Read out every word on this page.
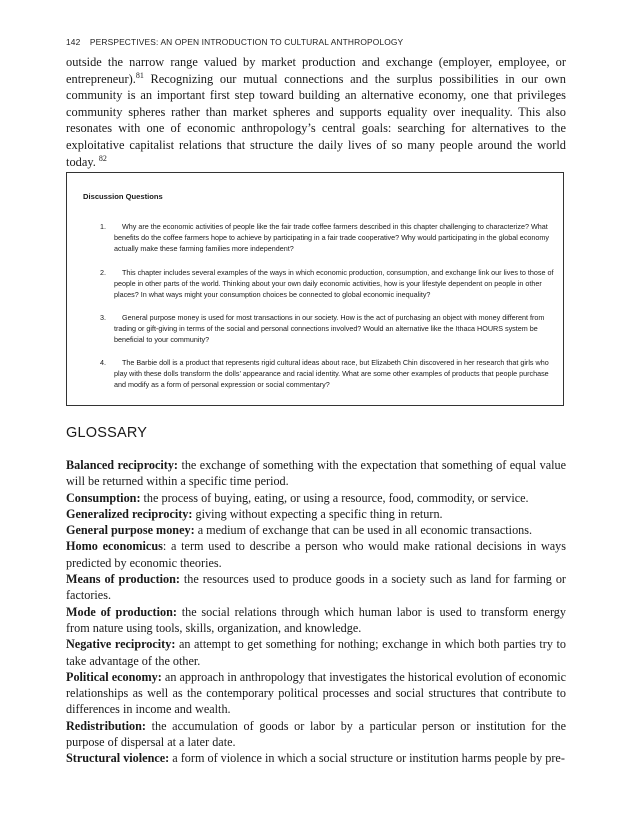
142 PERSPECTIVES: AN OPEN INTRODUCTION TO CULTURAL ANTHROPOLOGY

outside the narrow range valued by market production and exchange (employer, employee, or entrepreneur).$^{81}$ Recognizing our mutual connections and the surplus possibilities in our own community is an important first step toward building an alternative economy, one that privileges community spheres rather than market spheres and supports equality over inequality. This also resonates with one of economic anthropology’s central goals: searching for alternatives to the exploitative capitalist relations that structure the daily lives of so many people around the world today. $^{82}$

Discussion Questions
1.	Why are the economic activities of people like the fair trade coffee farmers described in this chapter challenging to characterize? What benefits do the coffee farmers hope to achieve by participating in a fair trade cooperative? Why would participating in the global economy actually make these farming families more independent?
2.	This chapter includes several examples of the ways in which economic production, consumption, and exchange link our lives to those of people in other parts of the world. Thinking about your own daily economic activities, how is your lifestyle dependent on people in other places? In what ways might your consumption choices be connected to global economic inequality?
3.	General purpose money is used for most transactions in our society. How is the act of purchasing an object with money different from trading or gift-giving in terms of the social and personal connections involved? Would an alternative like the Ithaca HOURS system be beneficial to your community?
4.	The Barbie doll is a product that represents rigid cultural ideas about race, but Elizabeth Chin discovered in her research that girls who play with these dolls transform the dolls’ appearance and racial identity. What are some other examples of products that people purchase and modify as a form of personal expression or social commentary?
GLOSSARY
Balanced reciprocity: the exchange of something with the expectation that something of equal value will be returned within a specific time period.
Consumption: the process of buying, eating, or using a resource, food, commodity, or service.
Generalized reciprocity: giving without expecting a specific thing in return.
General purpose money: a medium of exchange that can be used in all economic transactions.
Homo economicus: a term used to describe a person who would make rational decisions in ways predicted by economic theories.
Means of production: the resources used to produce goods in a society such as land for farming or factories.
Mode of production: the social relations through which human labor is used to transform energy from nature using tools, skills, organization, and knowledge.
Negative reciprocity: an attempt to get something for nothing; exchange in which both parties try to take advantage of the other.
Political economy: an approach in anthropology that investigates the historical evolution of economic relationships as well as the contemporary political processes and social structures that contribute to differences in income and wealth.
Redistribution: the accumulation of goods or labor by a particular person or institution for the purpose of dispersal at a later date.
Structural violence: a form of violence in which a social structure or institution harms people by pre-
